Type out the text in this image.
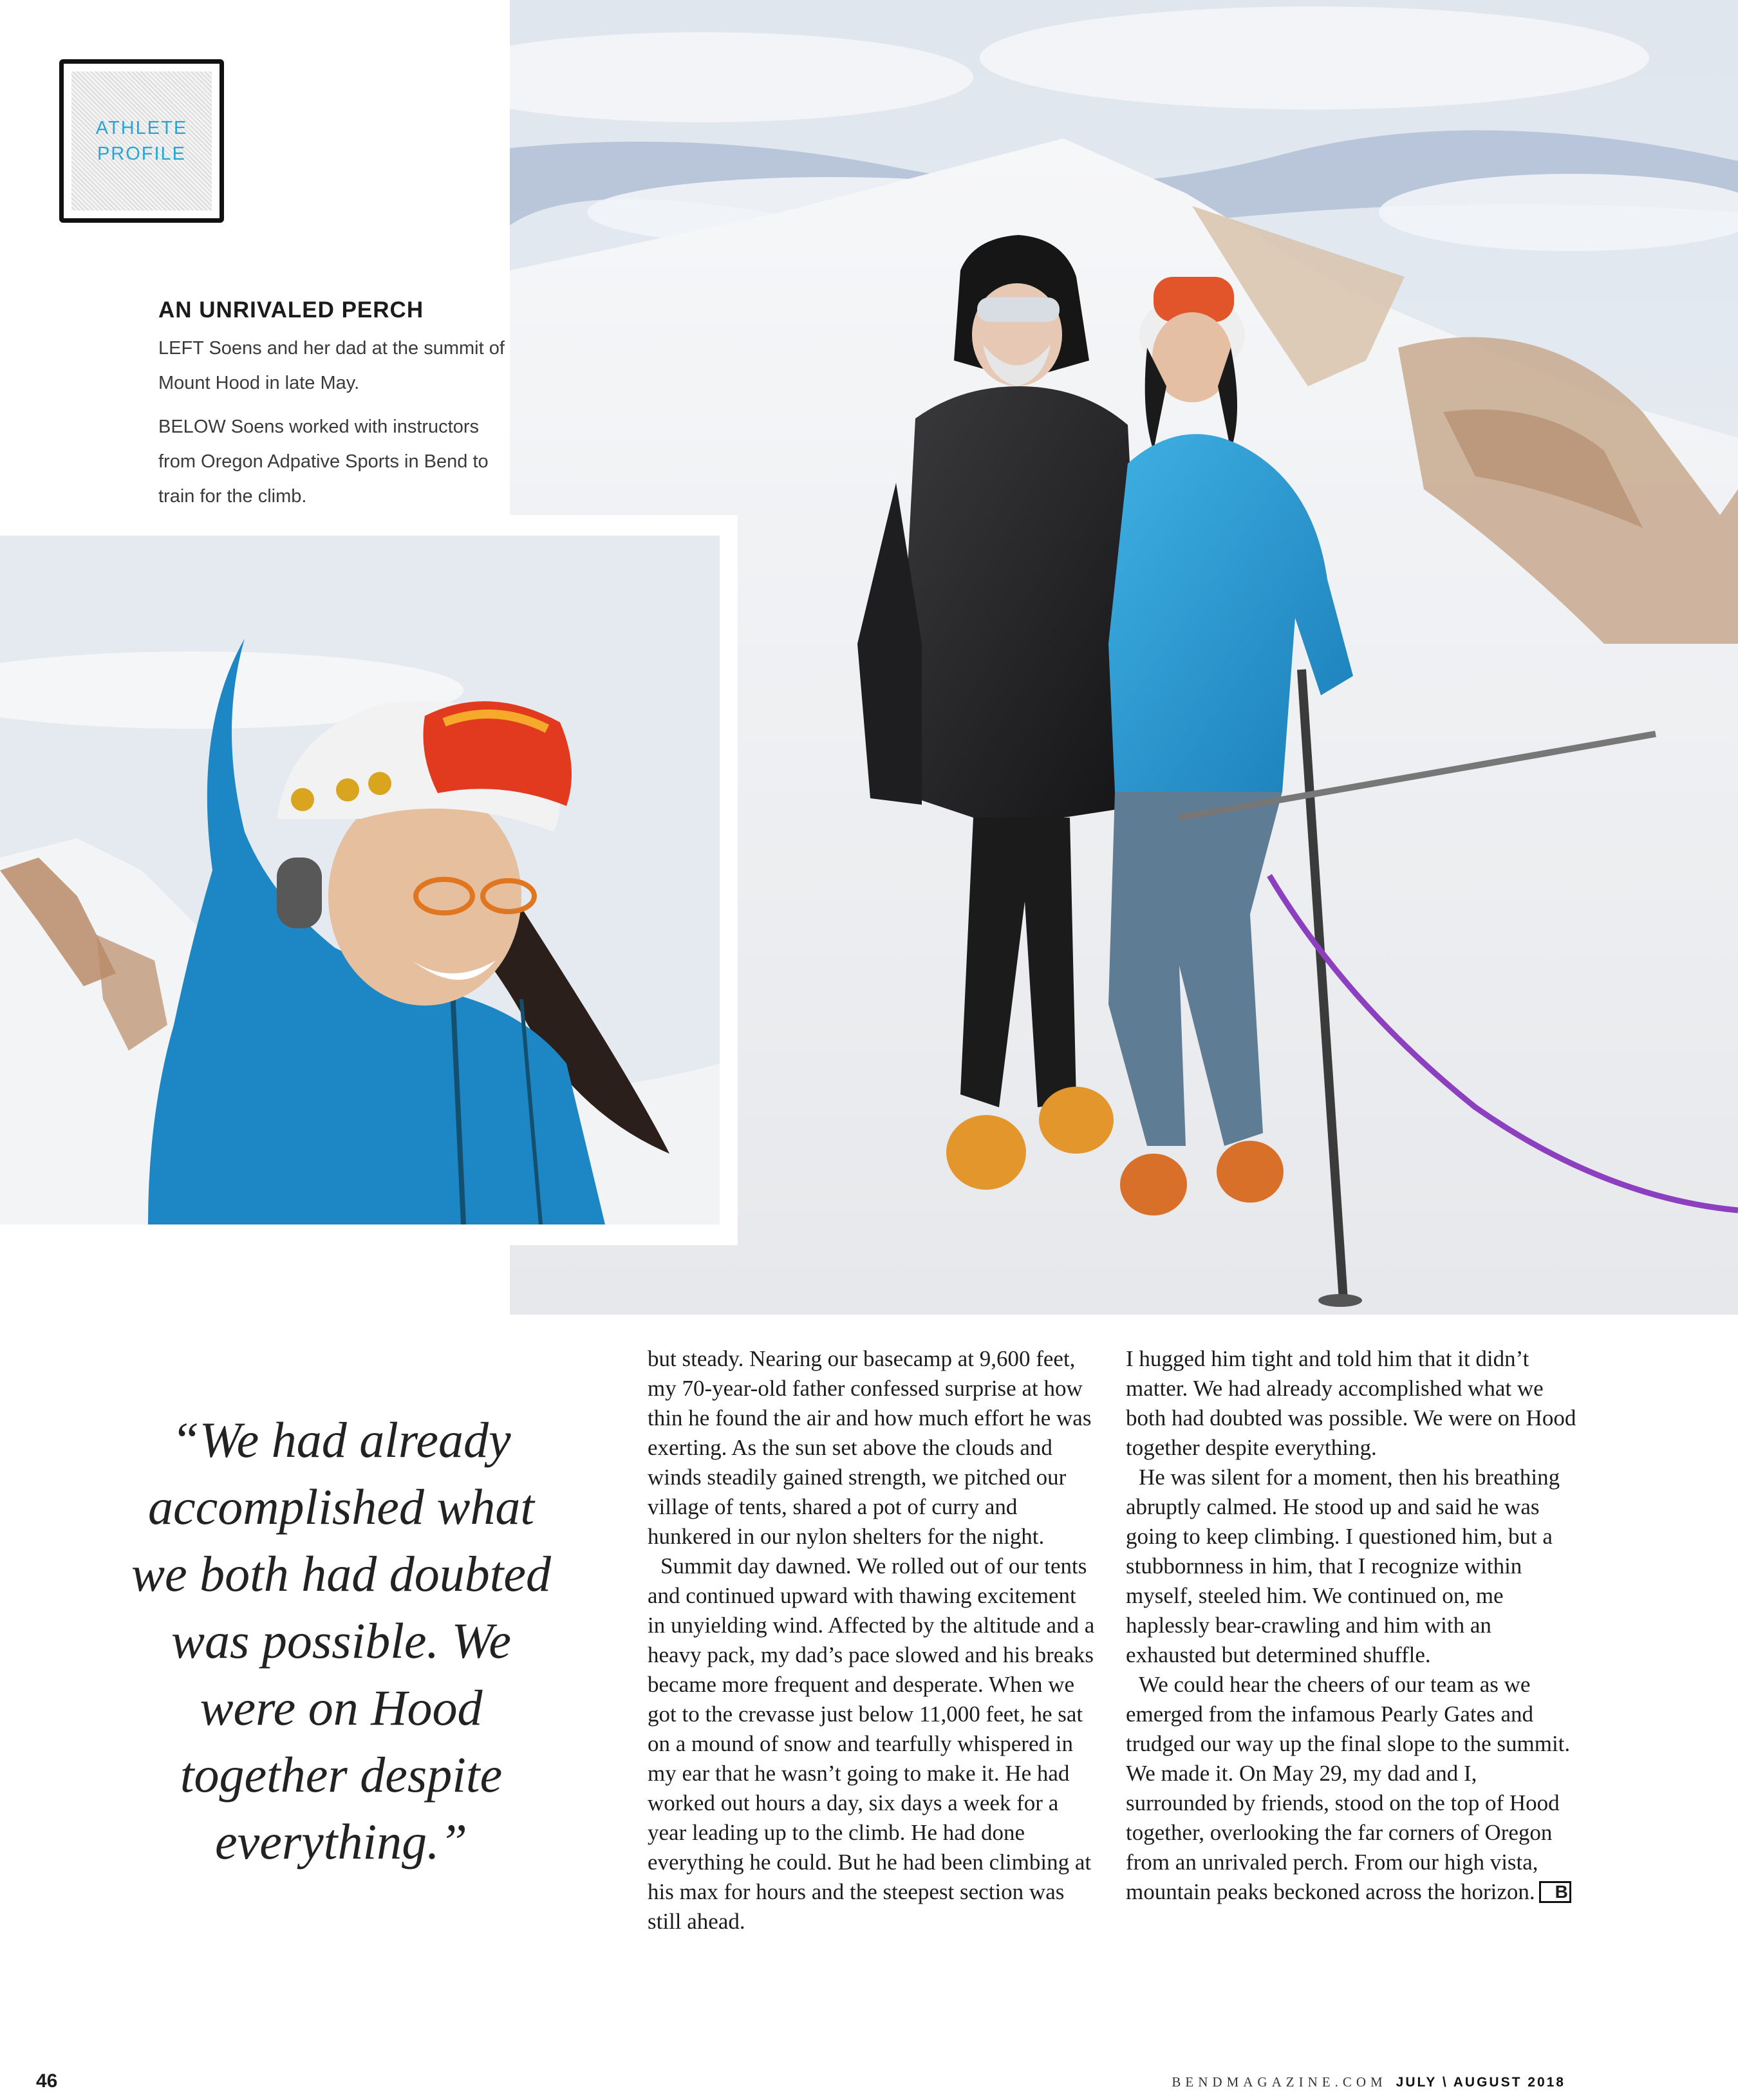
ATHLETE
PROFILE
AN UNRIVALED PERCH

LEFT Soens and her dad at the summit of Mount Hood in late May.

BELOW Soens worked with instructors from Oregon Adpative Sports in Bend to train for the climb.

“We had already accomplished what we both had doubted was possible. We were on Hood together despite everything.”

but steady. Nearing our basecamp at 9,600 feet, my 70-year-old father confessed surprise at how thin he found the air and how much effort he was exerting. As the sun set above the clouds and winds steadily gained strength, we pitched our village of tents, shared a pot of curry and hunkered in our nylon shelters for the night.

Summit day dawned. We rolled out of our tents and continued upward with thawing excitement in unyielding wind. Affected by the altitude and a heavy pack, my dad’s pace slowed and his breaks became more frequent and desperate. When we got to the crevasse just below 11,000 feet, he sat on a mound of snow and tearfully whispered in my ear that he wasn’t going to make it. He had worked out hours a day, six days a week for a year leading up to the climb. He had done everything he could. But he had been climbing at his max for hours and the steepest section was still ahead.

I hugged him tight and told him that it didn’t matter. We had already accomplished what we both had doubted was possible. We were on Hood together despite everything.

He was silent for a moment, then his breathing abruptly calmed. He stood up and said he was going to keep climbing. I questioned him, but a stubbornness in him, that I recognize within myself, steeled him. We continued on, me haplessly bear-crawling and him with an exhausted but determined shuffle.

We could hear the cheers of our team as we emerged from the infamous Pearly Gates and trudged our way up the final slope to the summit. We made it. On May 29, my dad and I, surrounded by friends, stood on the top of Hood together, overlooking the far corners of Oregon from an unrivaled perch. From our high vista, mountain peaks beckoned across the horizon. B

46	BENDMAGAZINE.COM JULY \ AUGUST 2018
